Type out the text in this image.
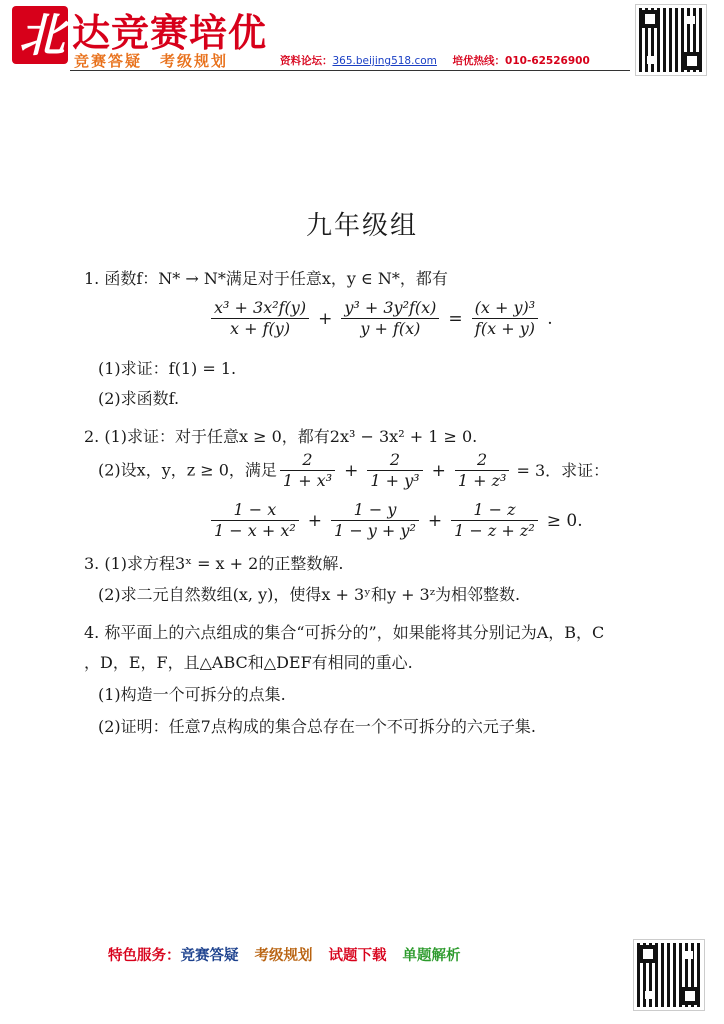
北 达竞赛培优
竞赛答疑 考级规划	资料论坛：365.beijing518.com 培优热线：010-62526900
九年级组
1. 函数f：N* → N*满足对于任意x，y ∈ N*，都有
$\frac{\text{x³ + 3x²f(y)}}{x + f(y)} + \frac{\text{y³ + 3y²f(x)}}{y + f(x)} = \frac{\text{(x + y)³}}{f(x + y)}$ .
(1)求证：f(1) = 1.
(2)求函数f.
2. (1)求证：对于任意x ≥ 0，都有2x³ − 3x² + 1 ≥ 0.
(2)设x，y，z ≥ 0，满足 $\frac{2}{\text{1 + x³}} + \frac{2}{\text{1 + y³}} + \frac{2}{\text{1 + z³}} = 3$．求证：
$\frac{1 - x}{\text{1 − x + x²}} + \frac{1 - y}{\text{1 − y + y²}} + \frac{1 - z}{\text{1 − z + z²}} \ge 0$.
3. (1)求方程3ˣ = x + 2的正整数解.
(2)求二元自然数组(x, y)，使得x + 3ʸ和y + 3ᶻ为相邻整数.
4. 称平面上的六点组成的集合“可拆分的”，如果能将其分别记为A，B，C
，D，E，F，且△ABC和△DEF有相同的重心.
(1)构造一个可拆分的点集.
(2)证明：任意7点构成的集合总存在一个不可拆分的六元子集.
特色服务：竞赛答疑 考级规划 试题下载 单题解析
